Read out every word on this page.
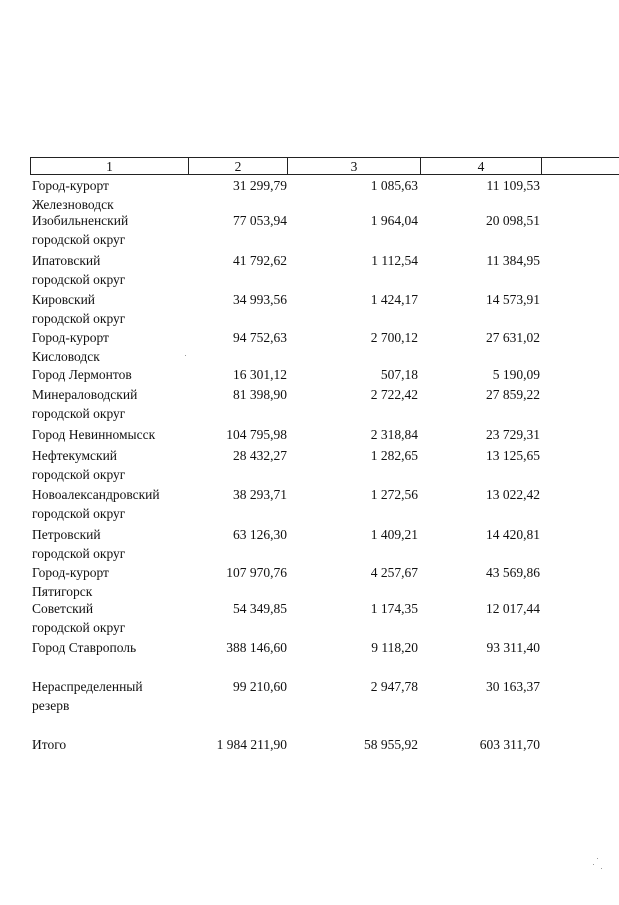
1	2	3	4
Город-курорт
Железноводск
31 299,79	1 085,63	11 109,53
Изобильненский
городской округ
77 053,94	1 964,04	20 098,51
Ипатовский
городской округ
41 792,62	1 112,54	11 384,95
Кировский
городской округ
34 993,56	1 424,17	14 573,91
Город-курорт
Кисловодск
94 752,63	2 700,12	27 631,02
Город Лермонтов	16 301,12	507,18	5 190,09
Минераловодский
городской округ
81 398,90	2 722,42	27 859,22
Город Невинномысск	104 795,98	2 318,84	23 729,31
Нефтекумский
городской округ
28 432,27	1 282,65	13 125,65
Новоалександровский
городской округ
38 293,71	1 272,56	13 022,42
Петровский
городской округ
63 126,30	1 409,21	14 420,81
Город-курорт
Пятигорск
107 970,76	4 257,67	43 569,86
Советский
городской округ
54 349,85	1 174,35	12 017,44
Город Ставрополь	388 146,60	9 118,20	93 311,40
Нераспределенный
резерв
99 210,60	2 947,78	30 163,37
Итого	1 984 211,90	58 955,92	603 311,70
